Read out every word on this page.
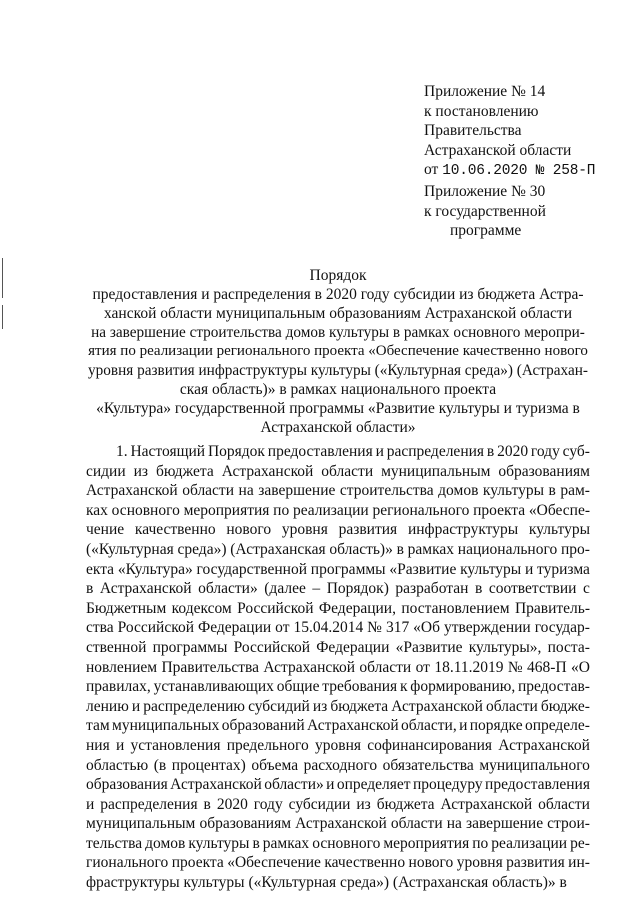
Приложение № 14
к постановлению
Правительства
Астраханской области
от 10.06.2020 № 258-П
Приложение № 30
к государственной
программе
Порядок
предоставления и распределения в 2020 году субсидии из бюджета Астра-
ханской области муниципальным образованиям Астраханской области
на завершение строительства домов культуры в рамках основного меропри-
ятия по реализации регионального проекта «Обеспечение качественно нового
уровня развития инфраструктуры культуры («Культурная среда») (Астрахан-
ская область)» в рамках национального проекта
«Культура» государственной программы «Развитие культуры и туризма в
Астраханской области»
1. Настоящий Порядок предоставления и распределения в 2020 году суб-
сидии из бюджета Астраханской области муниципальным образованиям
Астраханской области на завершение строительства домов культуры в рам-
ках основного мероприятия по реализации регионального проекта «Обеспе-
чение качественно нового уровня развития инфраструктуры культуры
(«Культурная среда») (Астраханская область)» в рамках национального про-
екта «Культура» государственной программы «Развитие культуры и туризма
в Астраханской области» (далее – Порядок) разработан в соответствии с
Бюджетным кодексом Российской Федерации, постановлением Правитель-
ства Российской Федерации от 15.04.2014 № 317 «Об утверждении государ-
ственной программы Российской Федерации «Развитие культуры», поста-
новлением Правительства Астраханской области от 18.11.2019 № 468-П «О
правилах, устанавливающих общие требования к формированию, предостав-
лению и распределению субсидий из бюджета Астраханской области бюдже-
там муниципальных образований Астраханской области, и порядке определе-
ния и установления предельного уровня софинансирования Астраханской
областью (в процентах) объема расходного обязательства муниципального
образования Астраханской области» и определяет процедуру предоставления
и распределения в 2020 году субсидии из бюджета Астраханской области
муниципальным образованиям Астраханской области на завершение строи-
тельства домов культуры в рамках основного мероприятия по реализации ре-
гионального проекта «Обеспечение качественно нового уровня развития ин-
фраструктуры культуры («Культурная среда») (Астраханская область)» в
